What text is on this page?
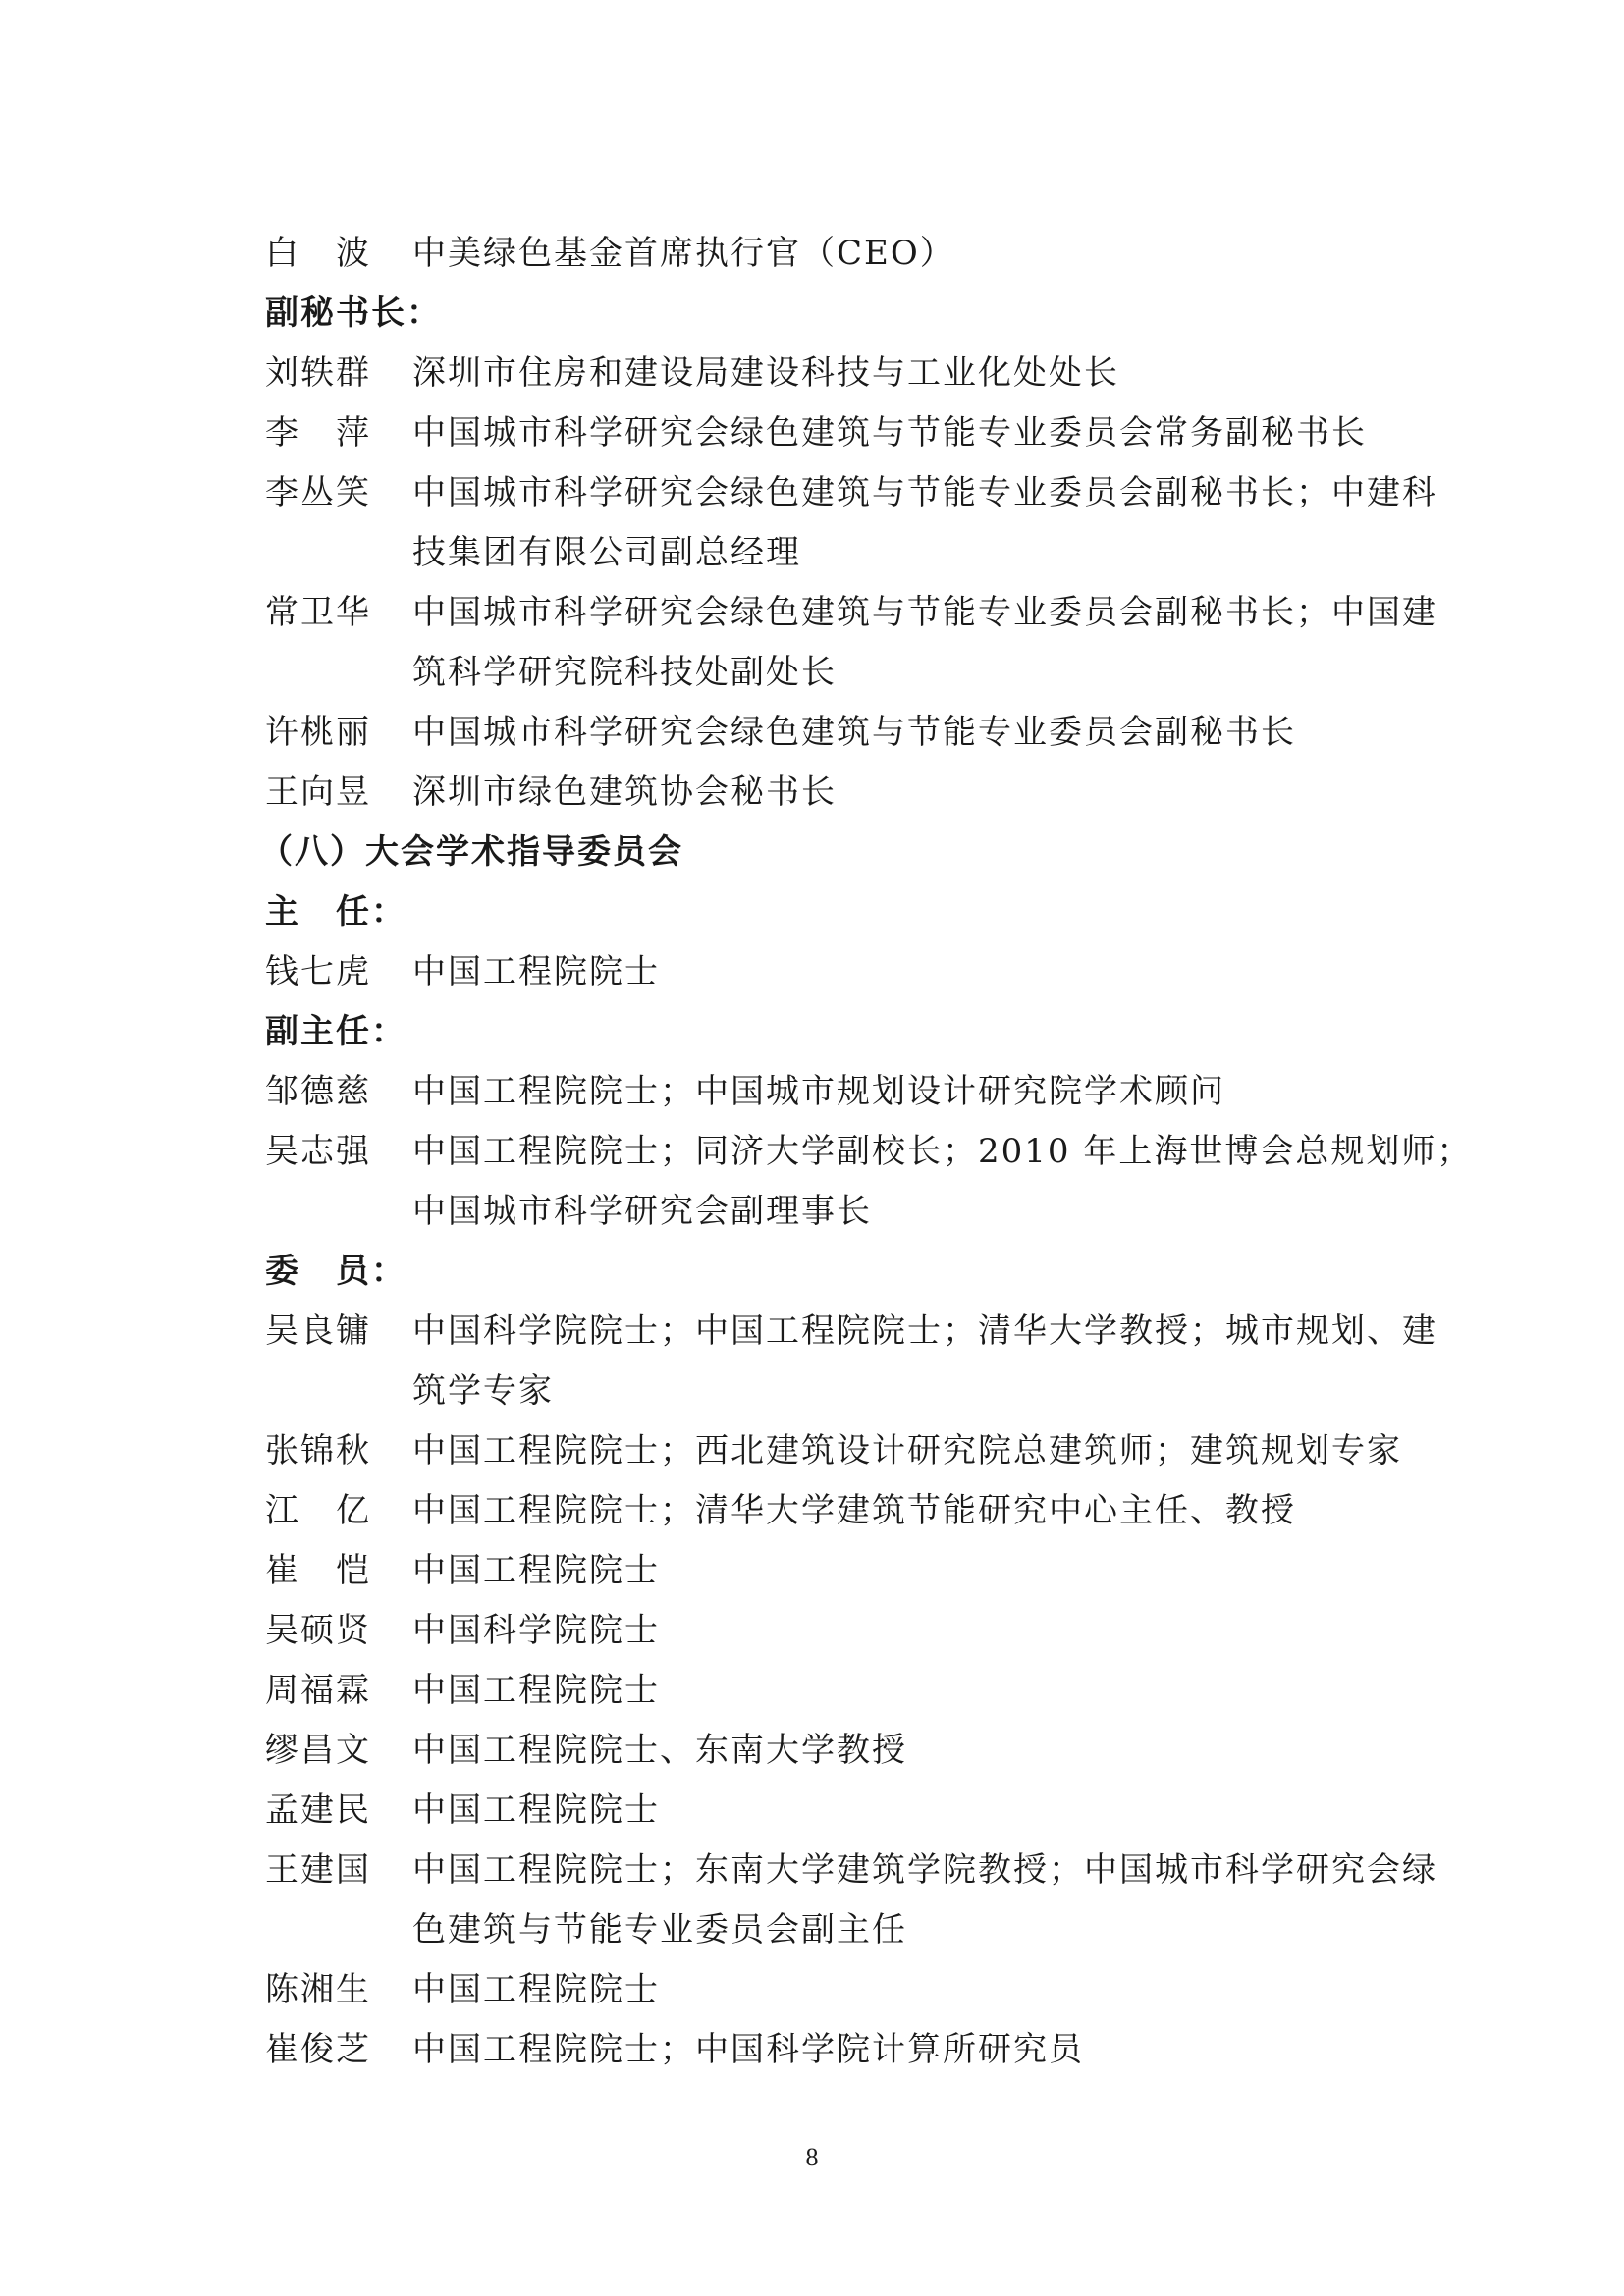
白　波	中美绿色基金首席执行官（CEO）
副秘书长：
刘轶群	深圳市住房和建设局建设科技与工业化处处长
李　萍	中国城市科学研究会绿色建筑与节能专业委员会常务副秘书长
李丛笑	中国城市科学研究会绿色建筑与节能专业委员会副秘书长；中建科
技集团有限公司副总经理
常卫华	中国城市科学研究会绿色建筑与节能专业委员会副秘书长；中国建
筑科学研究院科技处副处长
许桃丽	中国城市科学研究会绿色建筑与节能专业委员会副秘书长
王向昱	深圳市绿色建筑协会秘书长
（八）大会学术指导委员会
主　任：
钱七虎	中国工程院院士
副主任：
邹德慈	中国工程院院士；中国城市规划设计研究院学术顾问
吴志强	中国工程院院士；同济大学副校长；2010 年上海世博会总规划师；
中国城市科学研究会副理事长
委　员：
吴良镛	中国科学院院士；中国工程院院士；清华大学教授；城市规划、建
筑学专家
张锦秋	中国工程院院士；西北建筑设计研究院总建筑师；建筑规划专家
江　亿	中国工程院院士；清华大学建筑节能研究中心主任、教授
崔　恺	中国工程院院士
吴硕贤	中国科学院院士
周福霖	中国工程院院士
缪昌文	中国工程院院士、东南大学教授
孟建民	中国工程院院士
王建国	中国工程院院士；东南大学建筑学院教授；中国城市科学研究会绿
色建筑与节能专业委员会副主任
陈湘生	中国工程院院士
崔俊芝	中国工程院院士；中国科学院计算所研究员
8
